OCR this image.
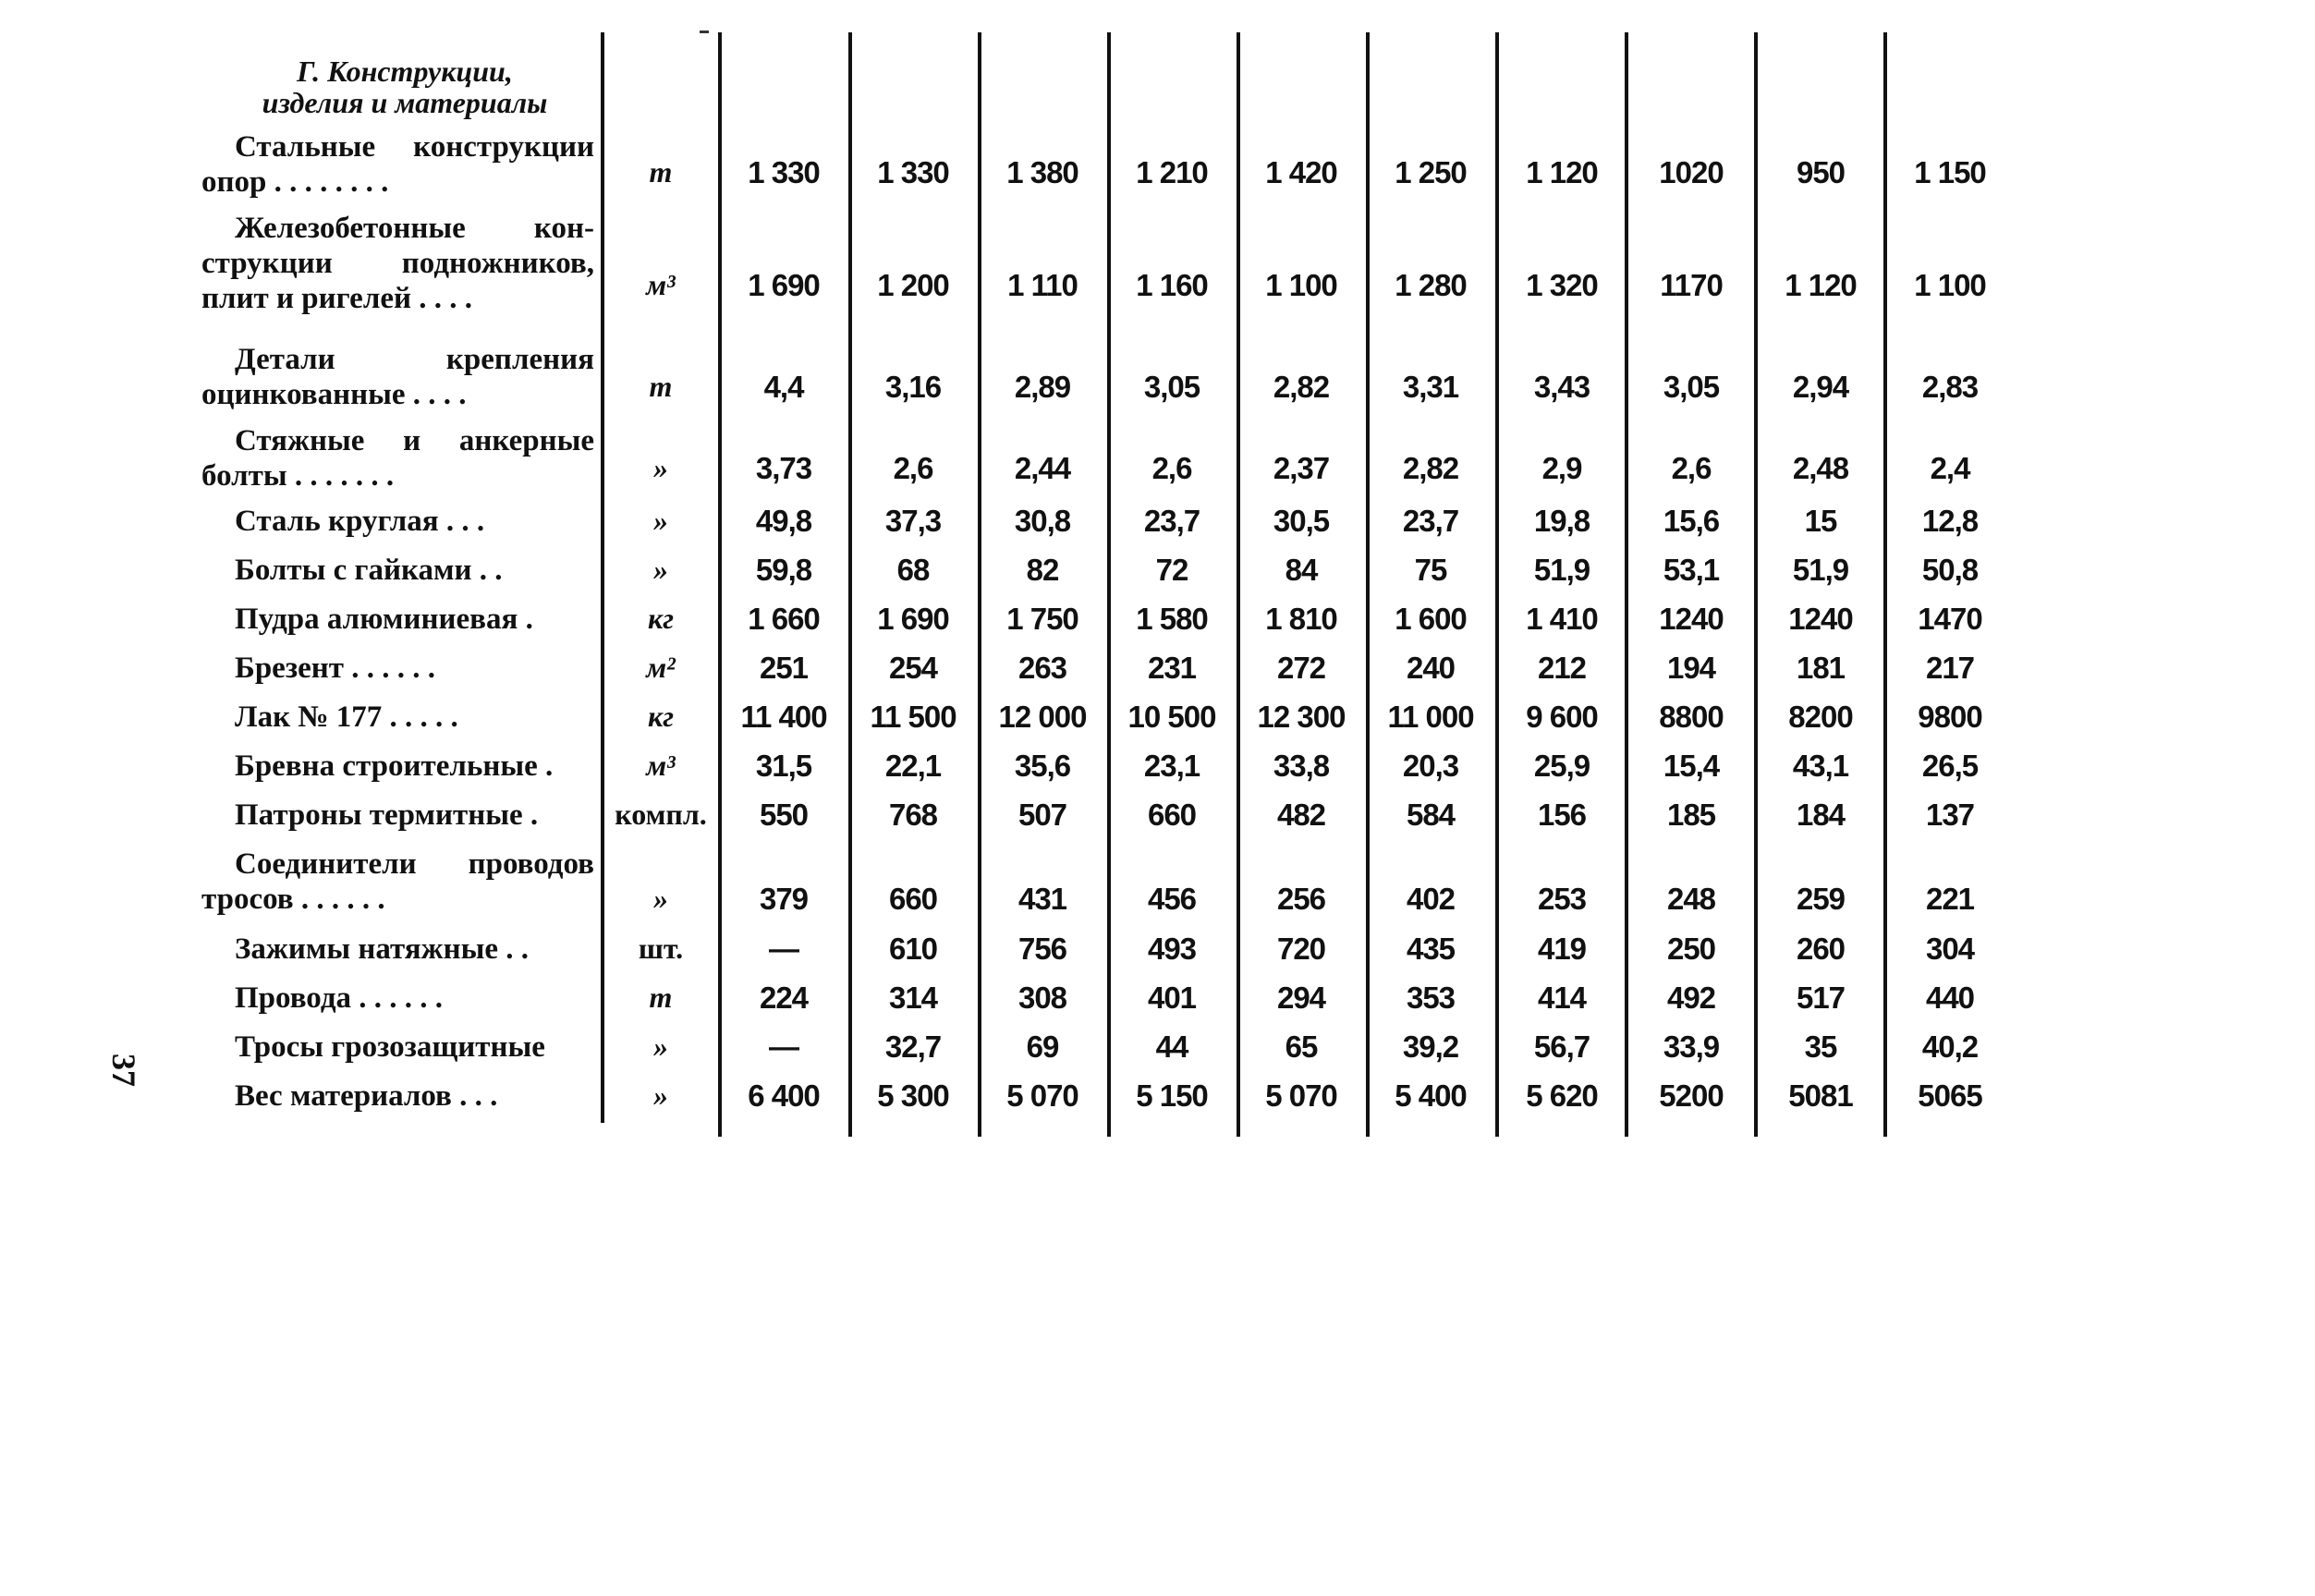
Г. Конструкции,
изделия и материалы
Стальные конструкции
опор . . . . . . . .	т	1 330	1 330	1 380	1 210	1 420	1 250	1 120	1020	950	1 150
Железобетонные кон-
струкции подножников,
плит и ригелей . . . .	м³	1 690	1 200	1 110	1 160	1 100	1 280	1 320	1170	1 120	1 100
Детали крепления
оцинкованные . . . .	т	4,4	3,16	2,89	3,05	2,82	3,31	3,43	3,05	2,94	2,83
Стяжные и анкерные
болты . . . . . . .	»	3,73	2,6	2,44	2,6	2,37	2,82	2,9	2,6	2,48	2,4
Сталь круглая . . .	»	49,8	37,3	30,8	23,7	30,5	23,7	19,8	15,6	15	12,8
Болты с гайками . .	»	59,8	68	82	72	84	75	51,9	53,1	51,9	50,8
Пудра алюминиевая .	кг	1 660	1 690	1 750	1 580	1 810	1 600	1 410	1240	1240	1470
Брезент . . . . . .	м²	251	254	263	231	272	240	212	194	181	217
Лак № 177 . . . . .	кг	11 400	11 500	12 000	10 500	12 300	11 000	9 600	8800	8200	9800
Бревна строительные .	м³	31,5	22,1	35,6	23,1	33,8	20,3	25,9	15,4	43,1	26,5
Патроны термитные .	компл.	550	768	507	660	482	584	156	185	184	137
Соединители проводов
тросов . . . . . .	»	379	660	431	456	256	402	253	248	259	221
Зажимы натяжные . .	шт.	—	610	756	493	720	435	419	250	260	304
Провода . . . . . .	т	224	314	308	401	294	353	414	492	517	440
Тросы грозозащитные	»	—	32,7	69	44	65	39,2	56,7	33,9	35	40,2
Вес материалов . . .	»	6 400	5 300	5 070	5 150	5 070	5 400	5 620	5200	5081	5065
37
